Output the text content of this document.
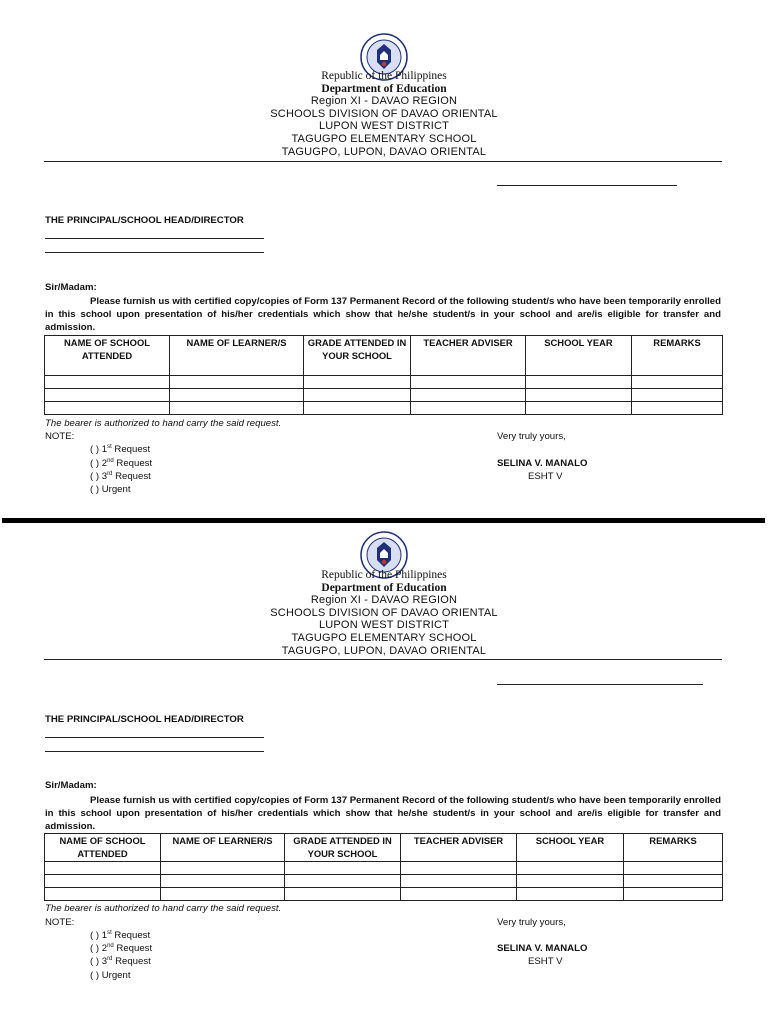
Republic of the Philippines
Department of Education
Region XI - DAVAO REGION
SCHOOLS DIVISION OF DAVAO ORIENTAL
LUPON WEST DISTRICT
TAGUGPO ELEMENTARY SCHOOL
TAGUGPO, LUPON, DAVAO ORIENTAL
THE PRINCIPAL/SCHOOL HEAD/DIRECTOR
Sir/Madam:
Please furnish us with certified copy/copies of Form 137 Permanent Record of the following student/s who have been temporarily enrolled in this school upon presentation of his/her credentials which show that he/she student/s in your school and are/is eligible for transfer and admission.
NAME OF SCHOOL ATTENDED	NAME OF LEARNER/S	GRADE ATTENDED IN YOUR SCHOOL	TEACHER ADVISER	SCHOOL YEAR	REMARKS

The bearer is authorized to hand carry the said request.
NOTE:	Very truly yours,
( ) 1st Request
( ) 2nd Request
( ) 3rd Request
( ) Urgent
SELINA V. MANALO
ESHT V
Republic of the Philippines
Department of Education
Region XI - DAVAO REGION
SCHOOLS DIVISION OF DAVAO ORIENTAL
LUPON WEST DISTRICT
TAGUGPO ELEMENTARY SCHOOL
TAGUGPO, LUPON, DAVAO ORIENTAL
THE PRINCIPAL/SCHOOL HEAD/DIRECTOR
Sir/Madam:
Please furnish us with certified copy/copies of Form 137 Permanent Record of the following student/s who have been temporarily enrolled in this school upon presentation of his/her credentials which show that he/she student/s in your school and are/is eligible for transfer and admission.
NAME OF SCHOOL ATTENDED	NAME OF LEARNER/S	GRADE ATTENDED IN YOUR SCHOOL	TEACHER ADVISER	SCHOOL YEAR	REMARKS

The bearer is authorized to hand carry the said request.
NOTE:	Very truly yours,
( ) 1st Request
( ) 2nd Request
( ) 3rd Request
( ) Urgent
SELINA V. MANALO
ESHT V
